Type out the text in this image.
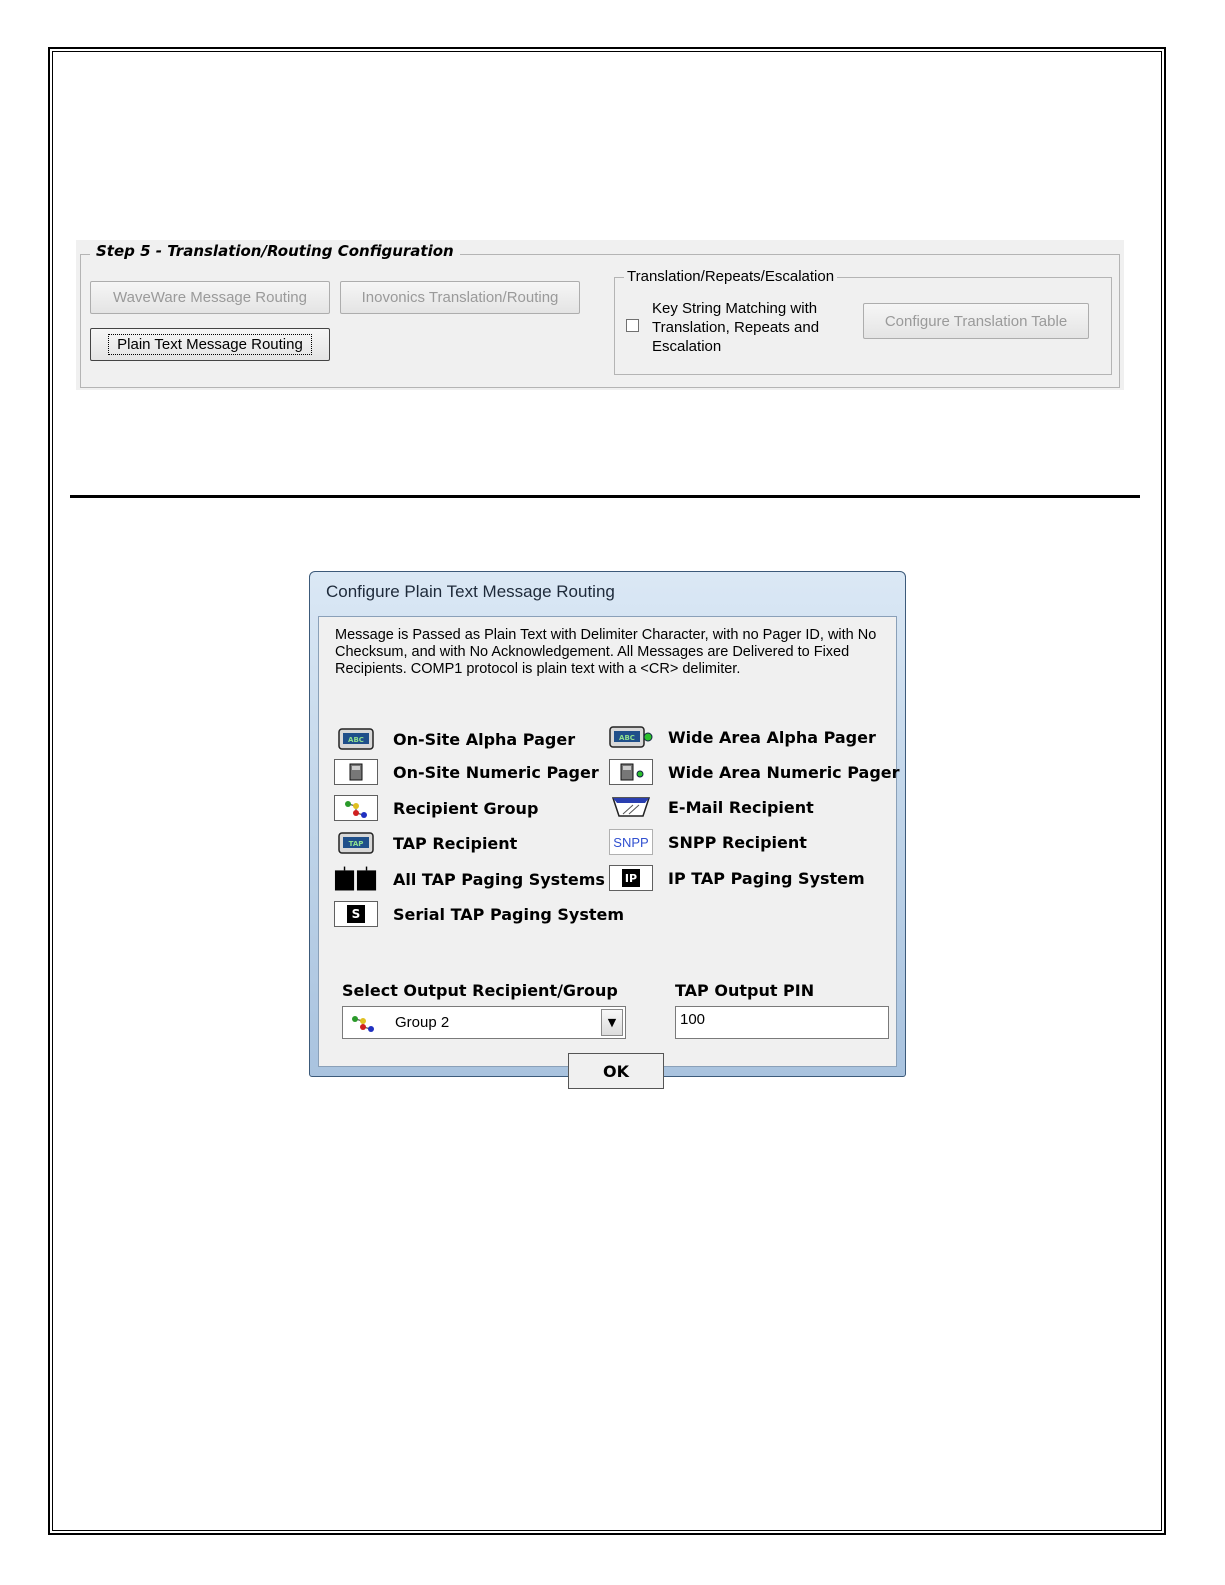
Step 5 - Translation/Routing Configuration
WaveWare Message Routing	Inovonics Translation/Routing
Plain Text Message Routing
Translation/Repeats/Escalation
Key String Matching with Translation, Repeats and Escalation
Configure Translation Table
Configure Plain Text Message Routing
Message is Passed as Plain Text with Delimiter Character, with no Pager ID, with No Checksum, and with No Acknowledgement. All Messages are Delivered to Fixed Recipients. COMP1 protocol is plain text with a <CR> delimiter.
ABC On-Site Alpha Pager	ABC Wide Area Alpha Pager
On-Site Numeric Pager	Wide Area Numeric Pager
Recipient Group	E-Mail Recipient
TAP TAP Recipient	SNPP SNPP Recipient
All TAP Paging Systems IP IP TAP Paging System
S Serial TAP Paging System
Select Output Recipient/Group	TAP Output PIN
Group 2	▼	100
OK
